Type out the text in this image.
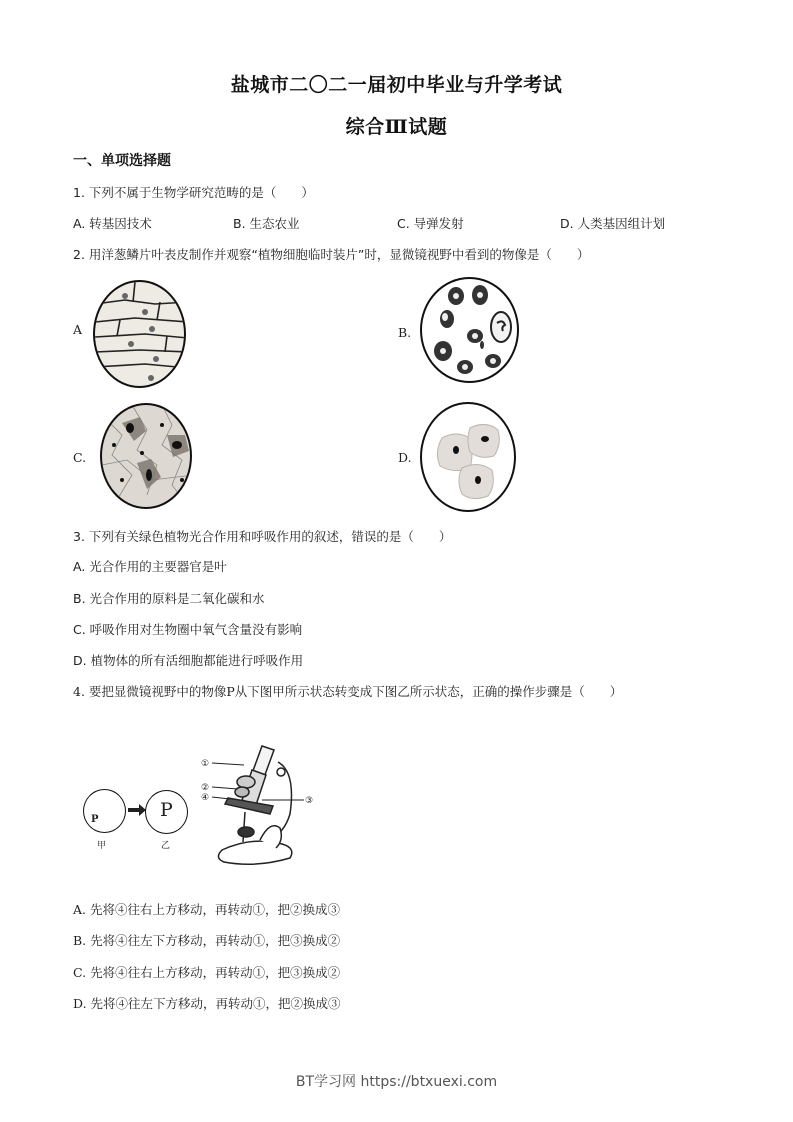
盐城市二〇二一届初中毕业与升学考试
综合Ⅲ试题
一、单项选择题
1. 下列不属于生物学研究范畴的是（　　）
A. 转基因技术	B. 生态农业	C. 导弹发射	D. 人类基因组计划
2. 用洋葱鳞片叶表皮制作并观察“植物细胞临时装片”时，显微镜视野中看到的物像是（　　）
A	B.
C.	D.
3. 下列有关绿色植物光合作用和呼吸作用的叙述，错误的是（　　）
A. 光合作用的主要器官是叶
B. 光合作用的原料是二氧化碳和水
C. 呼吸作用对生物圈中氧气含量没有影响
D. 植物体的所有活细胞都能进行呼吸作用
4. 要把显微镜视野中的物像P从下图甲所示状态转变成下图乙所示状态，正确的操作步骤是（　　）
P
甲
P
乙
①
②
④	③
A. 先将④往右上方移动，再转动①，把②换成③
B. 先将④往左下方移动，再转动①，把③换成②
C. 先将④往右上方移动，再转动①，把③换成②
D. 先将④往左下方移动，再转动①，把②换成③
BT学习网 https://btxuexi.com
